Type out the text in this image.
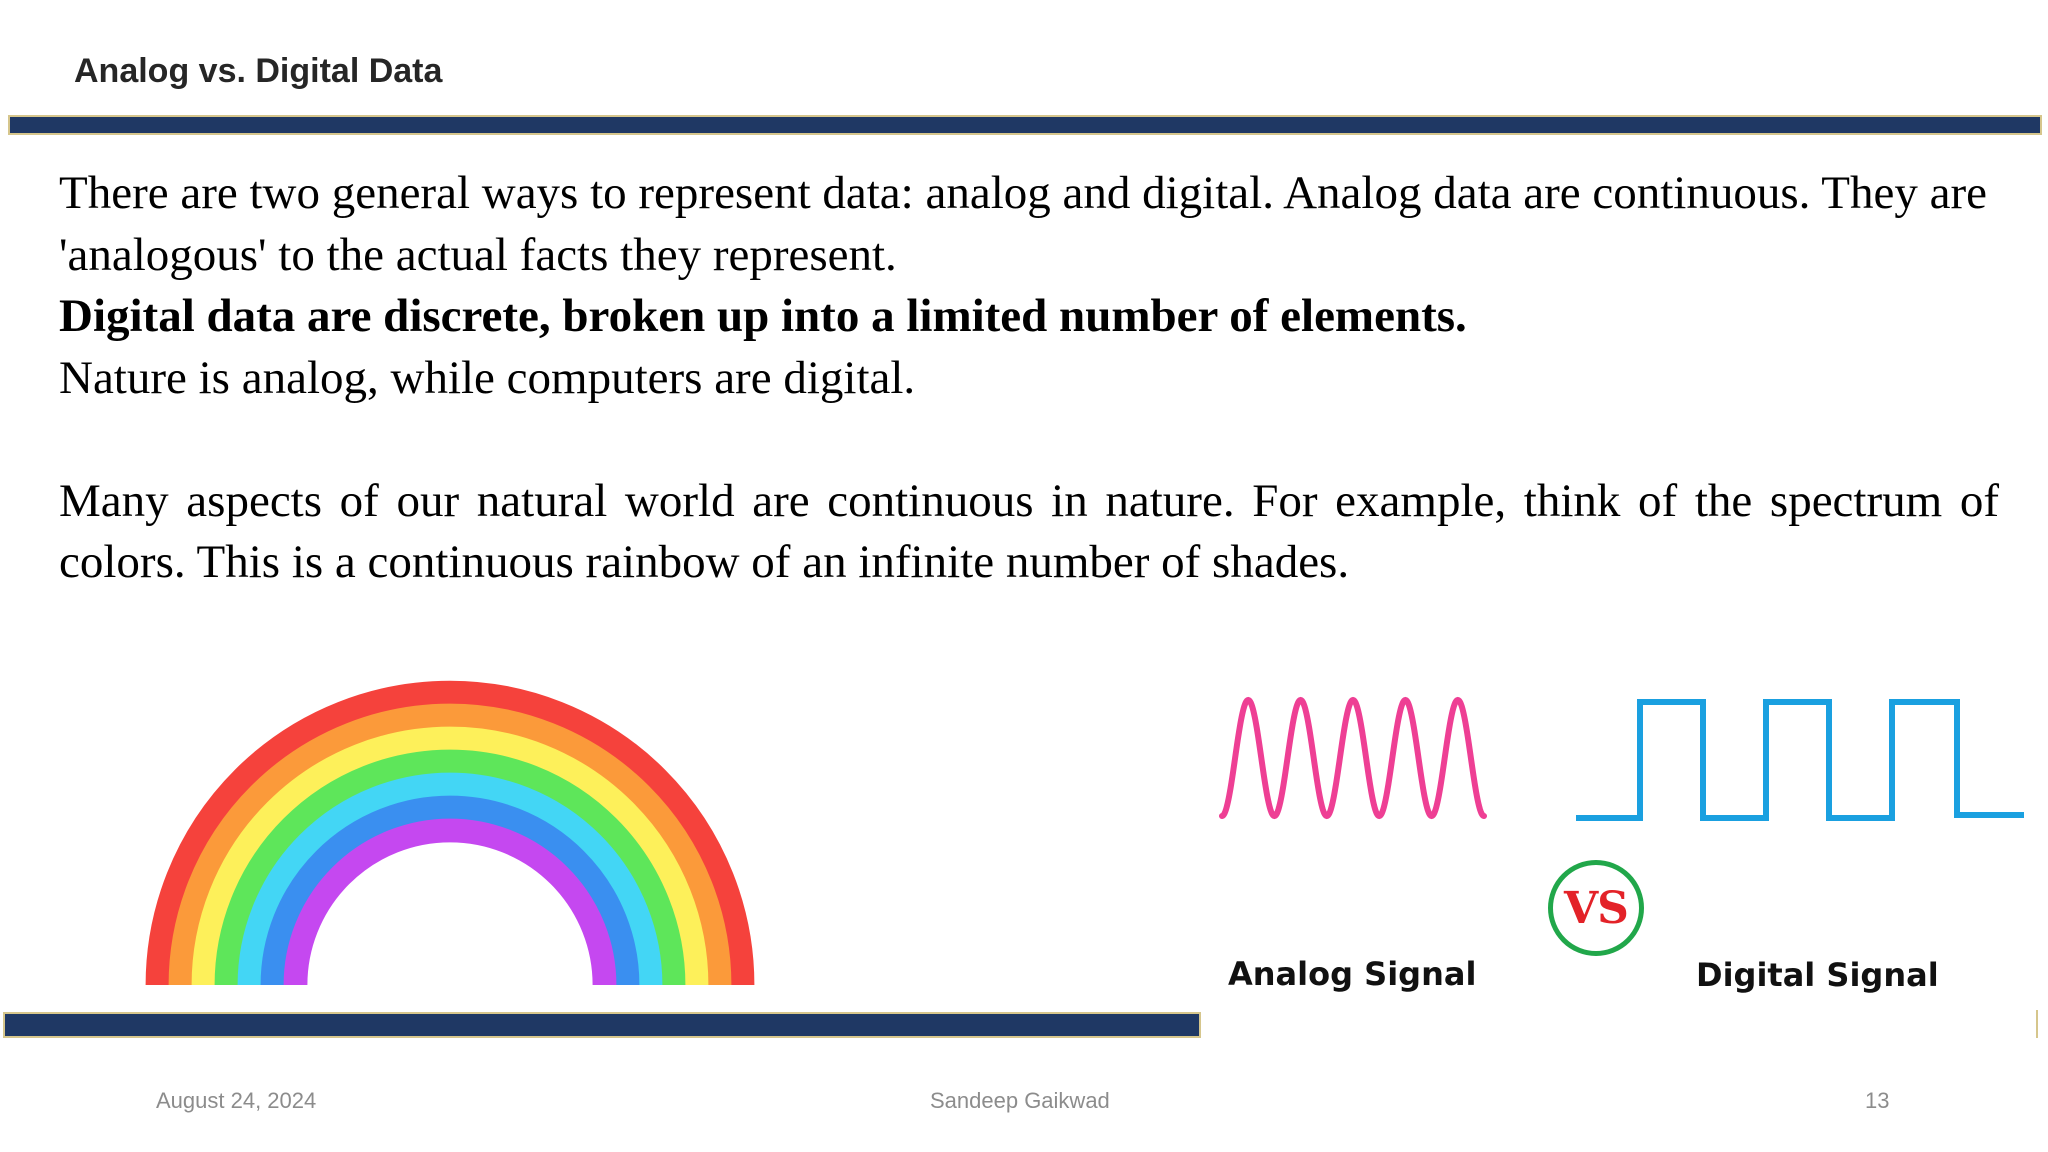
Analog vs. Digital Data

There are two general ways to represent data: analog and digital. Analog data are continuous. They are 'analogous' to the actual facts they represent.

Digital data are discrete, broken up into a limited number of elements.

Nature is analog, while computers are digital.

Many aspects of our natural world are continuous in nature. For example, think of the spectrum of colors. This is a continuous rainbow of an infinite number of shades.

VS
Analog Signal	Digital Signal
August 24, 2024	Sandeep Gaikwad	13
